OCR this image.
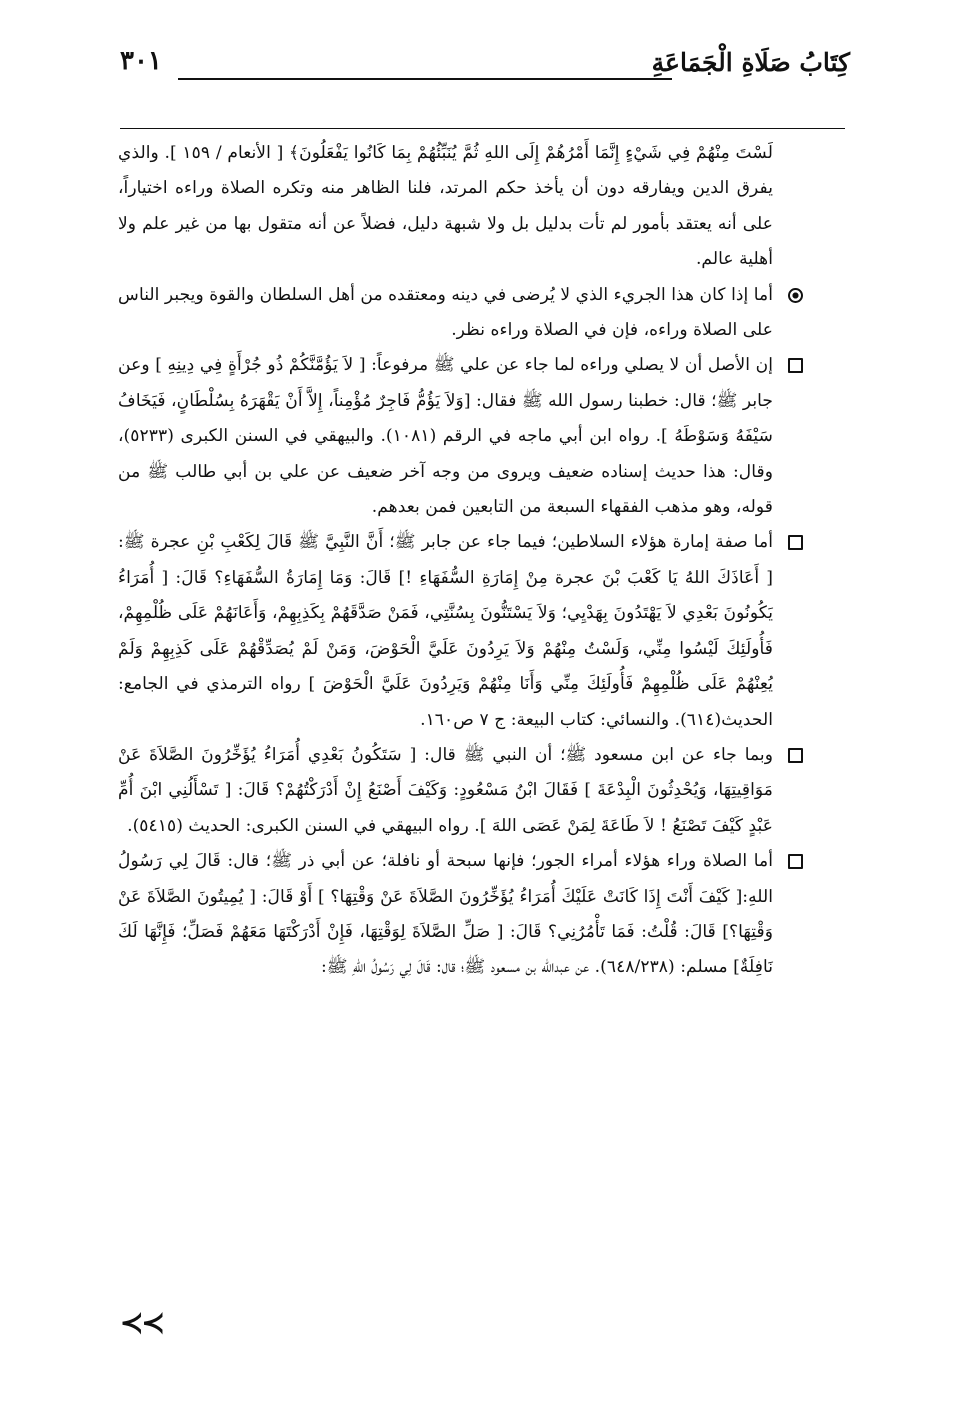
كِتَابُ صَلَاةِ الْجَمَاعَةِ
٣٠١

لَسْتَ مِنْهُمْ فِي شَيْءٍ إِنَّمَا أَمْرُهُمْ إِلَى اللهِ ثُمَّ يُنَبِّئُهُمْ بِمَا كَانُوا يَفْعَلُونَ﴾ [ الأنعام / ١٥٩ ]. والذي يفرق الدين ويفارقه دون أن يأخذ حكم المرتد، فلنا الظاهر منه وتكره الصلاة وراءه اختياراً، على أنه يعتقد بأمور لم تأت بدليل بل ولا شبهة دليل، فضلاً عن أنه متقول بها من غير علم ولا أهلية عالم.

أما إذا كان هذا الجريء الذي لا يُرضى في دينه ومعتقده من أهل السلطان والقوة ويجبر الناس على الصلاة وراءه، فإن في الصلاة وراءه نظر.

إن الأصل أن لا يصلي وراءه لما جاء عن علي ﷺ مرفوعاً: [ لاَ يَؤُمَّنَّكُمْ ذُو جُرْأَةٍ فِي دِينِهِ ] وعن جابر ﷺ؛ قال: خطبنا رسول الله ﷺ فقال: [وَلاَ يَؤُمُّ فَاجِرٌ مُؤْمِناً، إِلاَّ أَنْ يَقْهَرَهُ بِسُلْطَانٍ، فَيَخَافُ سَيْفَهُ وَسَوْطَهُ ]. رواه ابن أبي ماجه في الرقم (١٠٨١). والبيهقي في السنن الكبرى (٥٢٣٣)، وقال: هذا حديث إسناده ضعيف ويروى من وجه آخر ضعيف عن علي بن أبي طالب ﷺ من قوله، وهو مذهب الفقهاء السبعة من التابعين فمن بعدهم.

أما صفة إمارة هؤلاء السلاطين؛ فيما جاء عن جابر ﷺ؛ أَنَّ النَّبِيَّ ﷺ قَالَ لِكَعْبِ بْنِ عجرة ﷺ: [ أَعَاذَكَ اللهُ يَا كَعْبَ بْنَ عجرة مِنْ إِمَارَةِ السُّفَهَاءِ !] قَالَ: وَمَا إِمَارَةُ السُّفَهَاءِ؟ قَالَ: [ أُمَرَاءُ يَكُونُونَ بَعْدِي لاَ يَهْتَدُونَ بِهَدْيِي؛ وَلاَ يَسْتَنُّونَ بِسُنَّتِي، فَمَنْ صَدَّقَهُمْ بِكَذِبِهِمْ، وَأَعَانَهُمْ عَلَى ظُلْمِهِمْ، فَأُولَئِكَ لَيْسُوا مِنِّي، وَلَسْتُ مِنْهُمْ وَلاَ يَرِدُونَ عَلَيَّ الْحَوْضَ، وَمَنْ لَمْ يُصَدِّقْهُمْ عَلَى كَذِبِهِمْ وَلَمْ يُعِنْهُمْ عَلَى ظُلْمِهِمْ فَأُولَئِكَ مِنِّي وَأَنَا مِنْهُمْ وَيَرِدُونَ عَلَيَّ الْحَوْضَ ] رواه الترمذي في الجامع: الحديث(٦١٤). والنسائي: كتاب البيعة: ج ٧ ص١٦٠.

وبما جاء عن ابن مسعود ﷺ؛ أن النبي ﷺ قال: [ سَتَكُونُ بَعْدِي أُمَرَاءُ يُؤَخِّرُونَ الصَّلاَةَ عَنْ مَوَاقِيتِهَا، وَيُحْدِثُونَ الْبِدْعَةَ ] فَقَالَ ابْنُ مَسْعُودٍ: وَكَيْفَ أَصْنَعُ إِنْ أَدْرَكْتُهُمْ؟ قَالَ: [ تَسْأَلُنِي ابْنَ أُمِّ عَبْدٍ كَيْفَ تَصْنَعُ ! لاَ طَاعَةَ لِمَنْ عَصَى اللهَ ]. رواه البيهقي في السنن الكبرى: الحديث (٥٤١٥).

أما الصلاة وراء هؤلاء أمراء الجور؛ فإنها سبحة أو نافلة؛ عن أبي ذر ﷺ؛ قال: قَالَ لِي رَسُولُ اللهِ:[ كَيْفَ أَنْتَ إِذَا كَانَتْ عَلَيْكَ أُمَرَاءُ يُؤَخِّرُونَ الصَّلاَةَ عَنْ وَقْتِهَا؟ ] أَوْ قَالَ: [ يُمِيتُونَ الصَّلاَةَ عَنْ وَقْتِهَا؟] قَالَ: قُلْتُ: فَمَا تَأْمُرُنِي؟ قَالَ: [ صَلِّ الصَّلاَةَ لِوَقْتِهَا، فَإِنْ أَدْرَكْتَهَا مَعَهُمْ فَصَلِّ؛ فَإِنَّهَا لَكَ نَافِلَةٌ] مسلم: (٦٤٨/٢٣٨). عن عبدالله بن مسعود ﷺ؛ قال: قَالَ لِي رَسُولُ اللهِ ﷺ:

≺≺
